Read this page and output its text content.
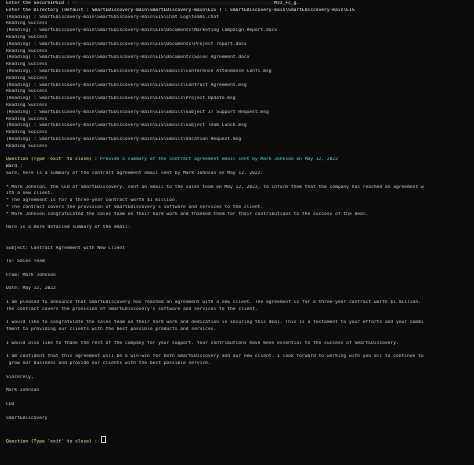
Enter the SecureIPSID : WQ-░░░░░░░░░░░░░░░░░░░░░░░░░░░░░░░░░░░░░░░░░░░░░░░░░░░░░░░░░░░░░░░░░░░░░░Mzz_Fc_g.
Enter the Directory (default : SmartEDiscovery-main\SmartEDiscovery-main\EIS ) : SmartEDiscovery-main\SmartEDiscovery-main\EIS
[Reading] : SmartEDiscovery-main\SmartEDiscovery-main\EIS\Chat Log\teams.chat
Reading Success
[Reading] : SmartEDiscovery-main\SmartEDiscovery-main\EIS\Documents\Marketing Campaign Report.docx
Reading Success
[Reading] : SmartEDiscovery-main\SmartEDiscovery-main\EIS\Documents\Project report.docx
Reading Success
[Reading] : SmartEDiscovery-main\SmartEDiscovery-main\EIS\Documents\Sales Agreement.docx
Reading Success
[Reading] : SmartEDiscovery-main\SmartEDiscovery-main\EIS\Emails\Conference Attendance Confi.msg
Reading Success
[Reading] : SmartEDiscovery-main\SmartEDiscovery-main\EIS\Emails\Contract Agreement.msg
Reading Success
[Reading] : SmartEDiscovery-main\SmartEDiscovery-main\EIS\Emails\Project Update.msg
Reading Success
[Reading] : SmartEDiscovery-main\SmartEDiscovery-main\EIS\Emails\Subject IT Support Request.msg
Reading Success
[Reading] : SmartEDiscovery-main\SmartEDiscovery-main\EIS\Emails\Subject Team Lunch.msg
Reading Success
[Reading] : SmartEDiscovery-main\SmartEDiscovery-main\EIS\Emails\Vacation Request.msg
Reading Success
Question (Type 'exit' to close) : Provide a summary of the contract agreement email sent by Mark Johnson on May 12, 2022
Bard :
Sure, here is a summary of the contract agreement email sent by Mark Johnson on May 12, 2022:
* Mark Johnson, the CEO of SmartEDiscovery, sent an email to the sales team on May 12, 2022, to inform them that the company has reached an agreement w
ith a new client.
* The agreement is for a three-year contract worth $1 million.
* The contract covers the provision of SmartEDiscovery's software and services to the client.
* Mark Johnson congratulated the sales team on their hard work and thanked them for their contributions to the success of the deal.
Here is a more detailed summary of the email:
Subject: Contract Agreement with New Client
To: Sales Team
From: Mark Johnson
Date: May 12, 2022
I am pleased to announce that SmartEDiscovery has reached an agreement with a new client. The agreement is for a three-year contract worth $1 million.
The contract covers the provision of SmartEDiscovery's software and services to the client.
I would like to congratulate the sales team on their hard work and dedication in securing this deal. This is a testament to your efforts and your commi
tment to providing our clients with the best possible products and services.
I would also like to thank the rest of the company for your support. Your contributions have been essential to the success of SmartEDiscovery.
I am confident that this agreement will be a win-win for both SmartEDiscovery and our new client. I look forward to working with you all to continue to
grow our business and provide our clients with the best possible service.
Sincerely,
Mark Johnson
CEO
SmartEDiscovery
Question (Type 'exit' to close) :
